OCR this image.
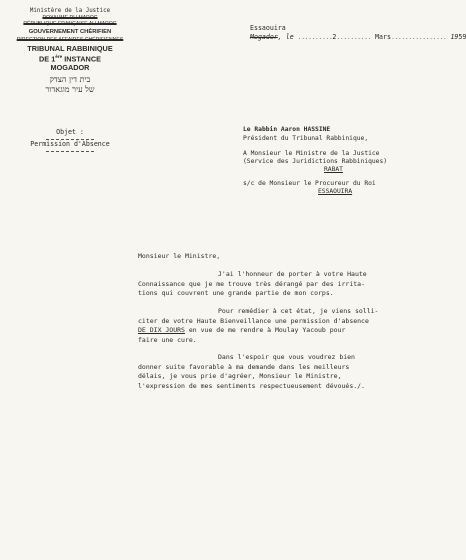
Ministère de la Justice
ROYAUME DU MAROC
RÉPUBLIQUE FRANÇAISE AU MAROC
GOUVERNEMENT CHÉRIFIEN
DIRECTION DES AFFAIRES CHÉRIFIENNES
TRIBUNAL RABBINIQUE
DE 1ère INSTANCE
MOGADOR
בית דין הצדק
של עיר מוגאדור
Objet :
Permission d'Absence
Essaouira
Mogador, le ..........2.......... Mars................ 1959
Le Rabbin Aaron HASSINE
Président du Tribunal Rabbinique,
A Monsieur le Ministre de la Justice
(Service des Juridictions Rabbiniques)
RABAT
s/c de Monsieur le Procureur du Roi
ESSAOUIRA
Monsieur le Ministre,
J'ai l'honneur de porter à votre Haute
Connaissance que je me trouve très dérangé par des irrita-
tions qui couvrent une grande partie de mon corps.
Pour remédier à cet état, je viens solli-
citer de votre Haute Bienveillance une permission d'absence
DE DIX JOURS en vue de me rendre à Moulay Yacoub pour
faire une cure.
Dans l'espoir que vous voudrez bien
donner suite favorable à ma demande dans les meilleurs
délais, je vous prie d'agréer, Monsieur le Ministre,
l'expression de mes sentiments respectueusement dévoués./.
